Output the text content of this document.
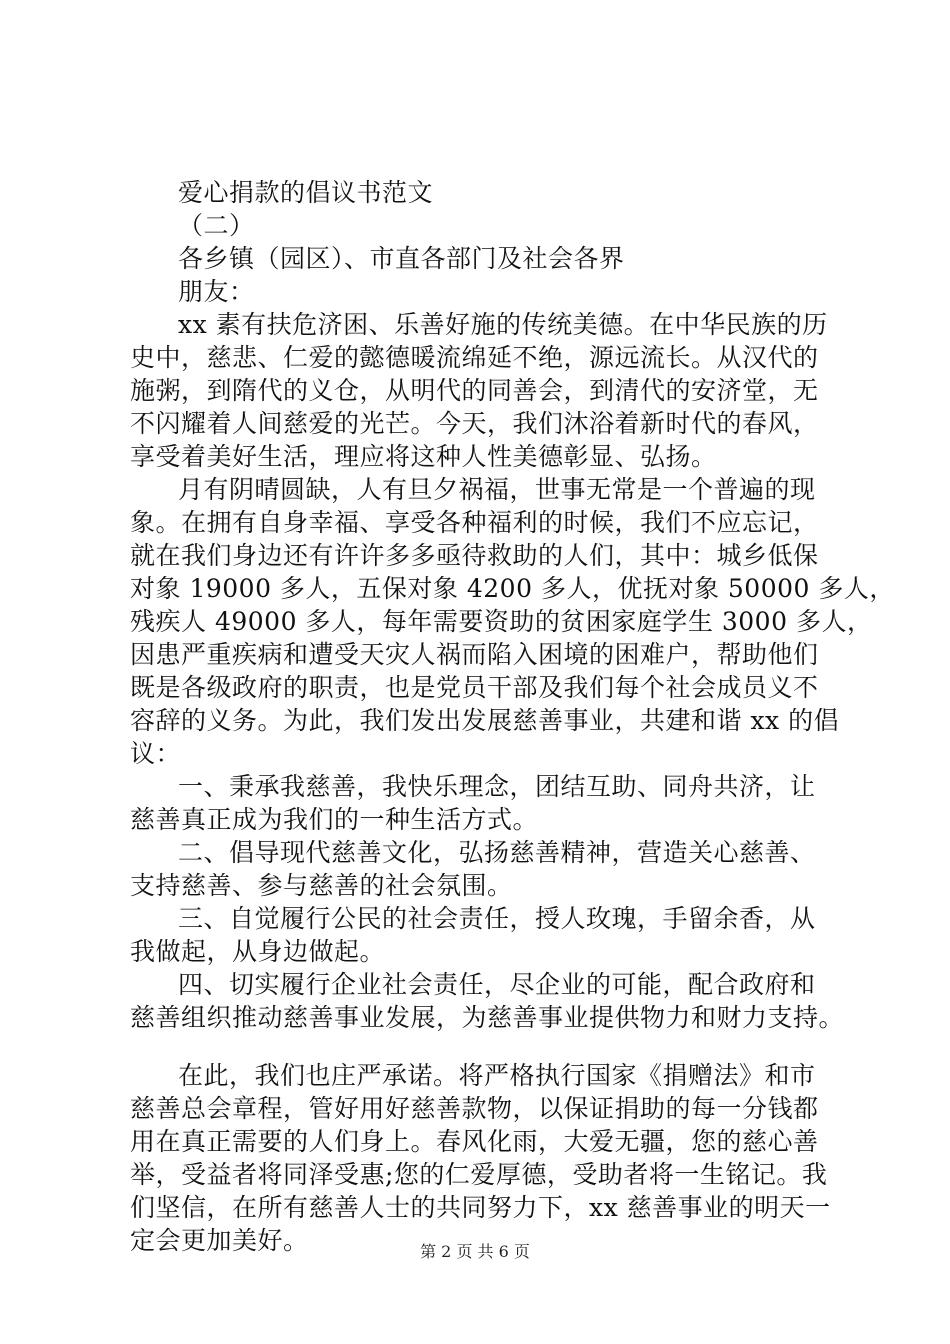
爱心捐款的倡议书范文
（二）
各乡镇（园区）、市直各部门及社会各界
朋友：
xx 素有扶危济困、乐善好施的传统美德。在中华民族的历
史中，慈悲、仁爱的懿德暖流绵延不绝，源远流长。从汉代的
施粥，到隋代的义仓，从明代的同善会，到清代的安济堂，无
不闪耀着人间慈爱的光芒。今天，我们沐浴着新时代的春风，
享受着美好生活，理应将这种人性美德彰显、弘扬。
月有阴晴圆缺，人有旦夕祸福，世事无常是一个普遍的现
象。在拥有自身幸福、享受各种福利的时候，我们不应忘记，
就在我们身边还有许许多多亟待救助的人们，其中：城乡低保
对象 19000 多人，五保对象 4200 多人，优抚对象 50000 多人，
残疾人 49000 多人，每年需要资助的贫困家庭学生 3000 多人，
因患严重疾病和遭受天灾人祸而陷入困境的困难户，帮助他们
既是各级政府的职责，也是党员干部及我们每个社会成员义不
容辞的义务。为此，我们发出发展慈善事业，共建和谐 xx 的倡
议：
一、秉承我慈善，我快乐理念，团结互助、同舟共济，让
慈善真正成为我们的一种生活方式。
二、倡导现代慈善文化，弘扬慈善精神，营造关心慈善、
支持慈善、参与慈善的社会氛围。
三、自觉履行公民的社会责任，授人玫瑰，手留余香，从
我做起，从身边做起。
四、切实履行企业社会责任，尽企业的可能，配合政府和
慈善组织推动慈善事业发展，为慈善事业提供物力和财力支持。
在此，我们也庄严承诺。将严格执行国家《捐赠法》和市
慈善总会章程，管好用好慈善款物，以保证捐助的每一分钱都
用在真正需要的人们身上。春风化雨，大爱无疆，您的慈心善
举，受益者将同泽受惠;您的仁爱厚德，受助者将一生铭记。我
们坚信，在所有慈善人士的共同努力下，xx 慈善事业的明天一
定会更加美好。	第 2 页 共 6 页
